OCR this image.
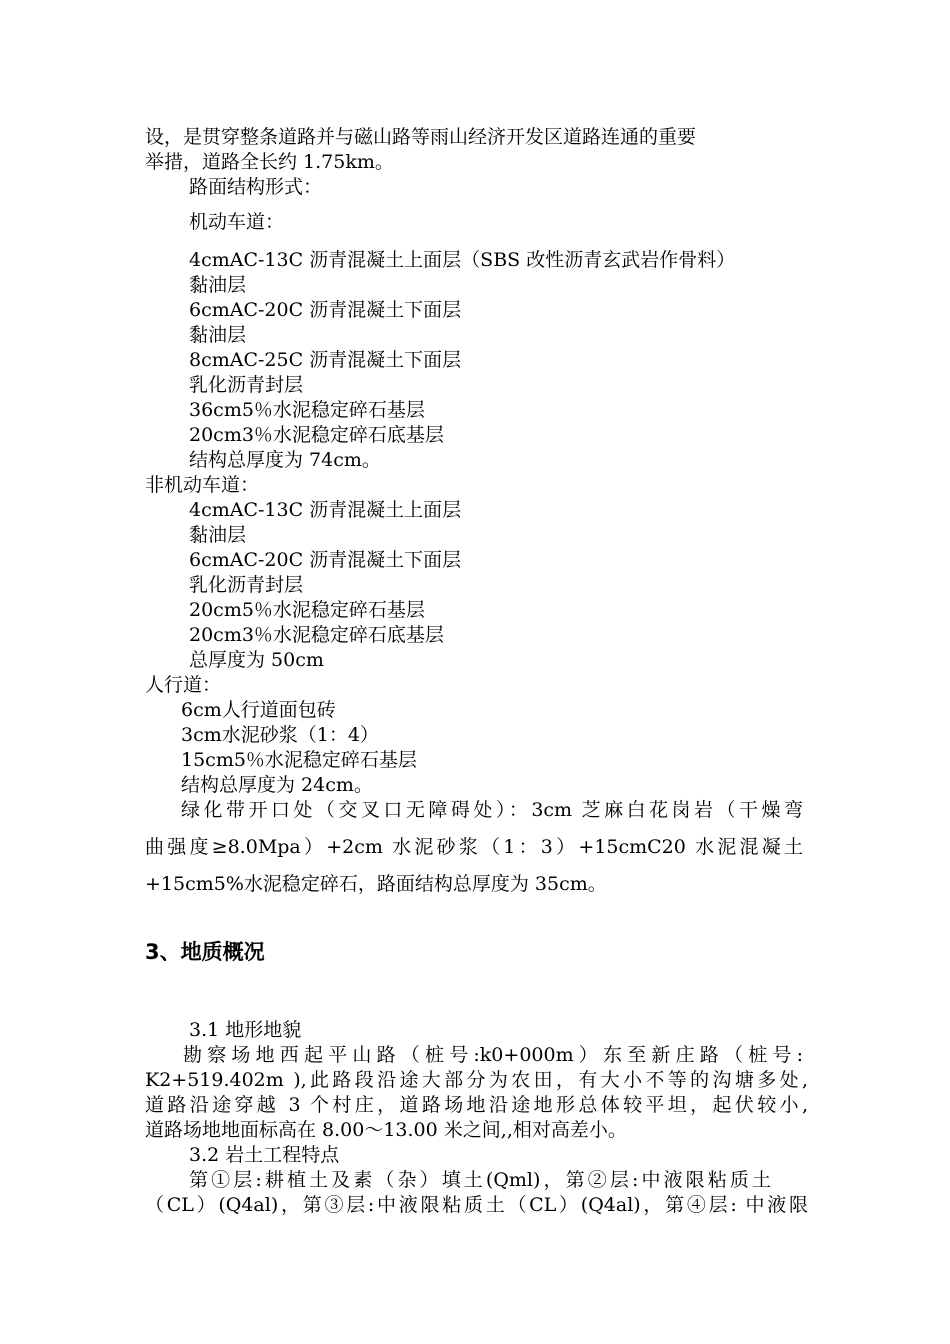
设，是贯穿整条道路并与磁山路等雨山经济开发区道路连通的重要
举措，道路全长约 1.75km。
路面结构形式：
机动车道：
4cmAC-13C 沥青混凝土上面层（SBS 改性沥青玄武岩作骨料）
黏油层
6cmAC-20C 沥青混凝土下面层
黏油层
8cmAC-25C 沥青混凝土下面层
乳化沥青封层
36cm5％水泥稳定碎石基层
20cm3％水泥稳定碎石底基层
结构总厚度为 74cm。
非机动车道：
4cmAC-13C 沥青混凝土上面层
黏油层
6cmAC-20C 沥青混凝土下面层
乳化沥青封层
20cm5％水泥稳定碎石基层
20cm3％水泥稳定碎石底基层
总厚度为 50cm
人行道：
6cm人行道面包砖
3cm水泥砂浆（1：4）
15cm5％水泥稳定碎石基层
结构总厚度为 24cm。
绿化带开口处（交叉口无障碍处）：3cm 芝麻白花岗岩（干燥弯
曲强度≥8.0Mpa）+2cm 水泥砂浆（1：3）+15cmC20 水泥混凝土
+15cm5%水泥稳定碎石，路面结构总厚度为 35cm。
3、地质概况
3.1 地形地貌
勘察场地西起平山路（桩号:k0+000m）东至新庄路（桩号:
K2+519.402m ),此路段沿途大部分为农田，有大小不等的沟塘多处,
道路沿途穿越 3 个村庄，道路场地沿途地形总体较平坦，起伏较小,
道路场地地面标高在 8.00～13.00 米之间,,相对高差小。
3.2 岩土工程特点
第①层:耕植土及素（杂）填土(Qml)，第②层:中液限粘质土
（CL）(Q4al)，第③层:中液限粘质土（CL）(Q4al)，第④层: 中液限
